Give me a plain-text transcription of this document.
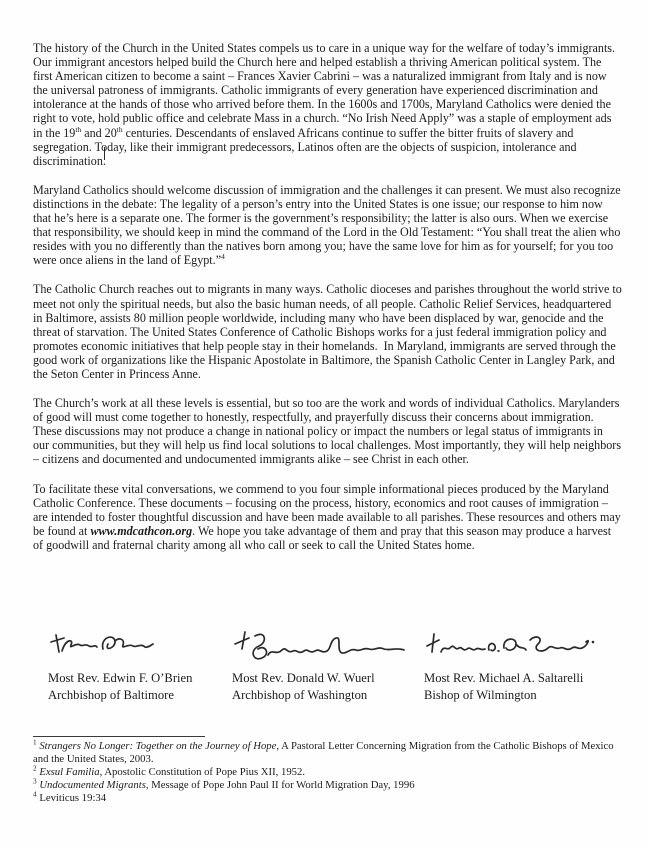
The history of the Church in the United States compels us to care in a unique way for the welfare of today’s immigrants. Our immigrant ancestors helped build the Church here and helped establish a thriving American political system. The first American citizen to become a saint – Frances Xavier Cabrini – was a naturalized immigrant from Italy and is now the universal patroness of immigrants. Catholic immigrants of every generation have experienced discrimination and intolerance at the hands of those who arrived before them. In the 1600s and 1700s, Maryland Catholics were denied the right to vote, hold public office and celebrate Mass in a church. “No Irish Need Apply” was a staple of employment ads in the 19th and 20th centuries. Descendants of enslaved Africans continue to suffer the bitter fruits of slavery and segregation. Today, like their immigrant predecessors, Latinos often are the objects of suspicion, intolerance and discrimination.

Maryland Catholics should welcome discussion of immigration and the challenges it can present. We must also recognize distinctions in the debate: The legality of a person’s entry into the United States is one issue; our response to him now that he’s here is a separate one. The former is the government’s responsibility; the latter is also ours. When we exercise that responsibility, we should keep in mind the command of the Lord in the Old Testament: “You shall treat the alien who resides with you no differently than the natives born among you; have the same love for him as for yourself; for you too were once aliens in the land of Egypt.”$^4$

The Catholic Church reaches out to migrants in many ways. Catholic dioceses and parishes throughout the world strive to meet not only the spiritual needs, but also the basic human needs, of all people. Catholic Relief Services, headquartered in Baltimore, assists 80 million people worldwide, including many who have been displaced by war, genocide and the threat of starvation. The United States Conference of Catholic Bishops works for a just federal immigration policy and promotes economic initiatives that help people stay in their homelands.  In Maryland, immigrants are served through the good work of organizations like the Hispanic Apostolate in Baltimore, the Spanish Catholic Center in Langley Park, and the Seton Center in Princess Anne.

The Church’s work at all these levels is essential, but so too are the work and words of individual Catholics. Marylanders of good will must come together to honestly, respectfully, and prayerfully discuss their concerns about immigration. These discussions may not produce a change in national policy or impact the numbers or legal status of immigrants in our communities, but they will help us find local solutions to local challenges. Most importantly, they will help neighbors – citizens and documented and undocumented immigrants alike – see Christ in each other.

To facilitate these vital conversations, we commend to you four simple informational pieces produced by the Maryland Catholic Conference. These documents – focusing on the process, history, economics and root causes of immigration – are intended to foster thoughtful discussion and have been made available to all parishes. These resources and others may be found at www.mdcathcon.org. We hope you take advantage of them and pray that this season may produce a harvest of goodwill and fraternal charity among all who call or seek to call the United States home.

Most Rev. Edwin F. O’Brien
Archbishop of Baltimore
Most Rev. Donald W. Wuerl
Archbishop of Washington
Most Rev. Michael A. Saltarelli
Bishop of Wilmington
$^1$ Strangers No Longer: Together on the Journey of Hope, A Pastoral Letter Concerning Migration from the Catholic Bishops of Mexico and the United States, 2003.
$^2$ Exsul Familia, Apostolic Constitution of Pope Pius XII, 1952.
$^3$ Undocumented Migrants, Message of Pope John Paul II for World Migration Day, 1996
$^4$ Leviticus 19:34
